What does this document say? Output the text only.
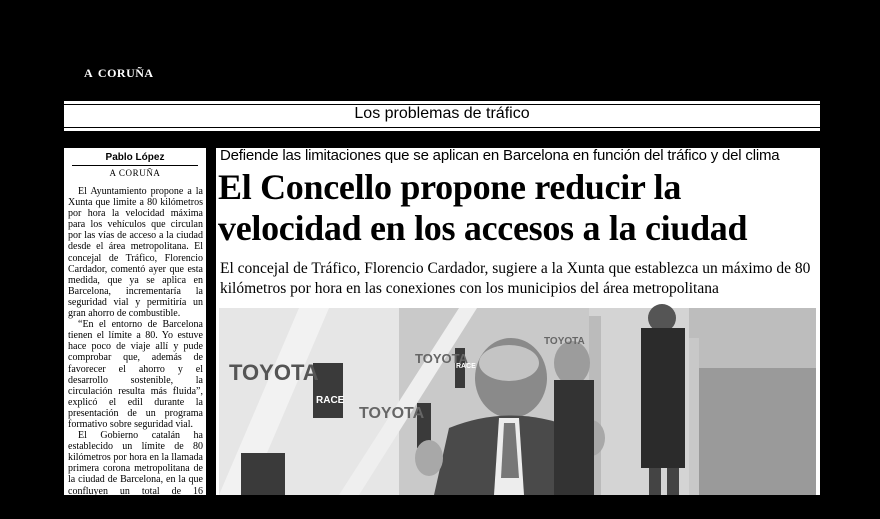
a coruña
Los problemas de tráfico
Pablo López
A CORUÑA

El Ayuntamiento propone a la Xunta que limite a 80 kilómetros por hora la velocidad máxima para los vehículos que circulan por las vías de acceso a la ciudad desde el área metropolitana. El concejal de Tráfico, Florencio Cardador, comentó ayer que esta medida, que ya se aplica en Barcelona, incrementaría la seguridad vial y permitiría un gran ahorro de combustible.

“En el entorno de Barcelona tienen el límite a 80. Yo estuve hace poco de viaje allí y pude comprobar que, además de favorecer el ahorro y el desarrollo sostenible, la circulación resulta más fluida”, explicó el edil durante la presentación de un programa formativo sobre seguridad vial.

El Gobierno catalán ha establecido un límite de 80 kilómetros por hora en la llamada primera corona metropolitana de la ciudad de Barcelona, en la que confluyen un total de 16 municipios. El Servicio Catalán de Tráfico

Defiende las limitaciones que se aplican en Barcelona en función del tráfico y del clima
El Concello propone reducir la velocidad en los accesos a la ciudad
El concejal de Tráfico, Florencio Cardador, sugiere a la Xunta que establezca un máximo de 80 kilómetros por hora en las conexiones con los municipios del área metropolitana
TOYOTA
RACE
TOYOTA
TOYOTA
RACE
TOYOTA
